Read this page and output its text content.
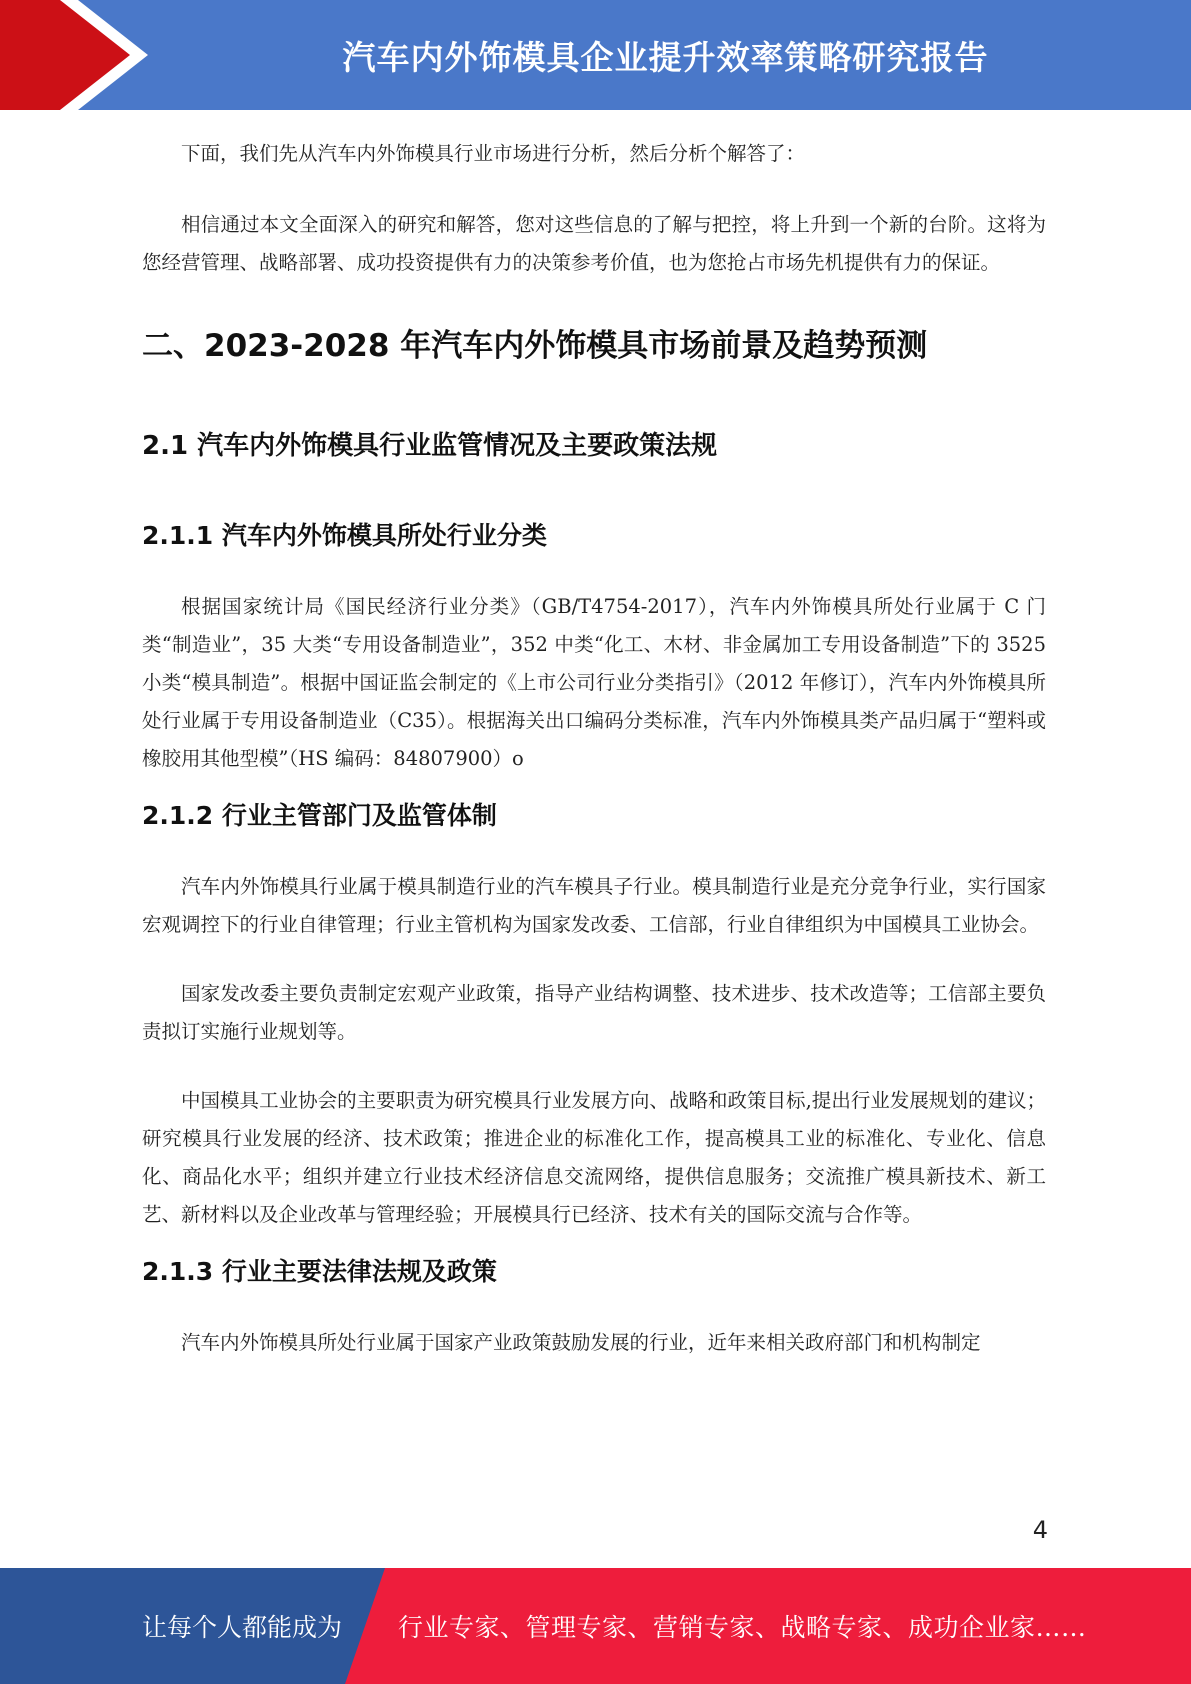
汽车内外饰模具企业提升效率策略研究报告

下面，我们先从汽车内外饰模具行业市场进行分析，然后分析个解答了：

相信通过本文全面深入的研究和解答，您对这些信息的了解与把控，将上升到一个新的台阶。这将为您经营管理、战略部署、成功投资提供有力的决策参考价值，也为您抢占市场先机提供有力的保证。

二、2023-2028 年汽车内外饰模具市场前景及趋势预测
2.1 汽车内外饰模具行业监管情况及主要政策法规
2.1.1 汽车内外饰模具所处行业分类

根据国家统计局《国民经济行业分类》（GB/T4754-2017），汽车内外饰模具所处行业属于 C 门类“制造业”，35 大类“专用设备制造业”，352 中类“化工、木材、非金属加工专用设备制造”下的 3525 小类“模具制造”。根据中国证监会制定的《上市公司行业分类指引》（2012 年修订），汽车内外饰模具所处行业属于专用设备制造业（C35）。根据海关出口编码分类标准，汽车内外饰模具类产品归属于“塑料或橡胶用其他型模”（HS 编码：84807900）o

2.1.2 行业主管部门及监管体制

汽车内外饰模具行业属于模具制造行业的汽车模具子行业。模具制造行业是充分竞争行业，实行国家宏观调控下的行业自律管理；行业主管机构为国家发改委、工信部，行业自律组织为中国模具工业协会。

国家发改委主要负责制定宏观产业政策，指导产业结构调整、技术进步、技术改造等；工信部主要负责拟订实施行业规划等。

中国模具工业协会的主要职责为研究模具行业发展方向、战略和政策目标,提出行业发展规划的建议；研究模具行业发展的经济、技术政策；推进企业的标准化工作，提高模具工业的标准化、专业化、信息化、商品化水平；组织并建立行业技术经济信息交流网络，提供信息服务；交流推广模具新技术、新工艺、新材料以及企业改革与管理经验；开展模具行已经济、技术有关的国际交流与合作等。

2.1.3 行业主要法律法规及政策

汽车内外饰模具所处行业属于国家产业政策鼓励发展的行业，近年来相关政府部门和机构制定

4
让每个人都能成为 行业专家、管理专家、营销专家、战略专家、成功企业家……
